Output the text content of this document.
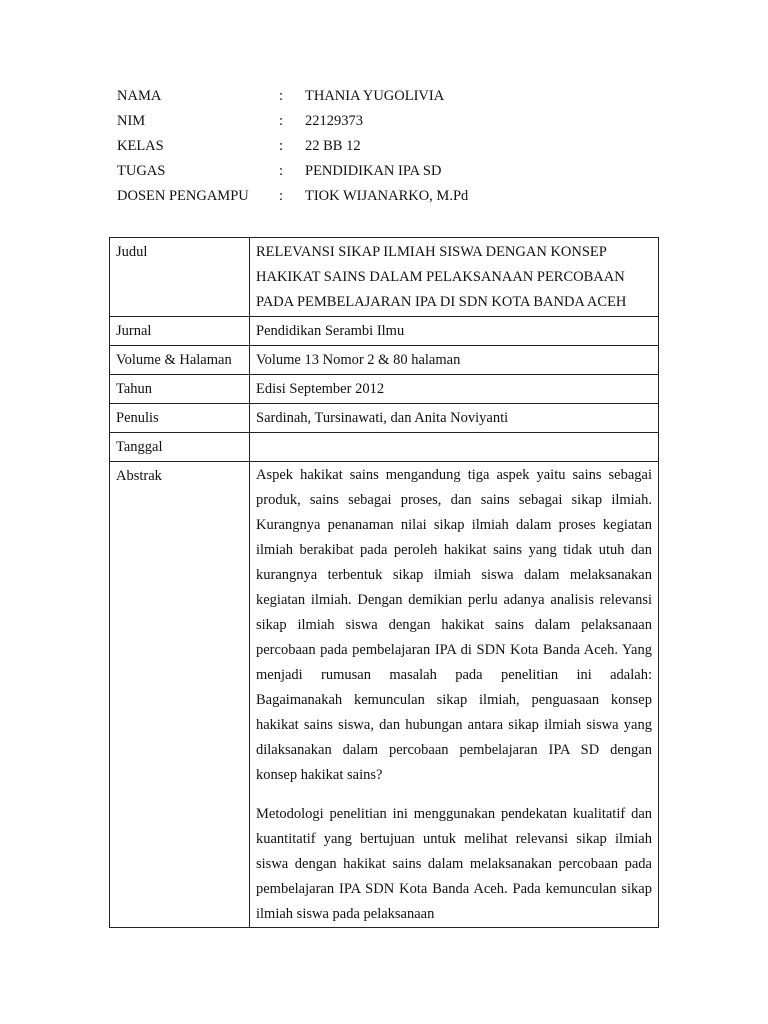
NAMA	:	THANIA YUGOLIVIA
NIM	:	22129373
KELAS	:	22 BB 12
TUGAS	:	PENDIDIKAN IPA SD
DOSEN PENGAMPU	:	TIOK WIJANARKO, M.Pd
Judul	RELEVANSI SIKAP ILMIAH SISWA DENGAN KONSEP HAKIKAT SAINS DALAM PELAKSANAAN PERCOBAAN PADA PEMBELAJARAN IPA DI SDN KOTA BANDA ACEH
Jurnal	Pendidikan Serambi Ilmu
Volume & Halaman	Volume 13 Nomor 2 & 80 halaman
Tahun	Edisi September 2012
Penulis	Sardinah, Tursinawati, dan Anita Noviyanti
Tanggal	
Abstrak	Aspek hakikat sains mengandung tiga aspek yaitu sains sebagai produk, sains sebagai proses, dan sains sebagai sikap ilmiah. Kurangnya penanaman nilai sikap ilmiah dalam proses kegiatan ilmiah berakibat pada peroleh hakikat sains yang tidak utuh dan kurangnya terbentuk sikap ilmiah siswa dalam melaksanakan kegiatan ilmiah. Dengan demikian perlu adanya analisis relevansi sikap ilmiah siswa dengan hakikat sains dalam pelaksanaan percobaan pada pembelajaran IPA di SDN Kota Banda Aceh. Yang menjadi rumusan masalah pada penelitian ini adalah: Bagaimanakah kemunculan sikap ilmiah, penguasaan konsep hakikat sains siswa, dan hubungan antara sikap ilmiah siswa yang dilaksanakan dalam percobaan pembelajaran IPA SD dengan konsep hakikat sains?

Metodologi penelitian ini menggunakan pendekatan kualitatif dan kuantitatif yang bertujuan untuk melihat relevansi sikap ilmiah siswa dengan hakikat sains dalam melaksanakan percobaan pada pembelajaran IPA SDN Kota Banda Aceh. Pada kemunculan sikap ilmiah siswa pada pelaksanaan
